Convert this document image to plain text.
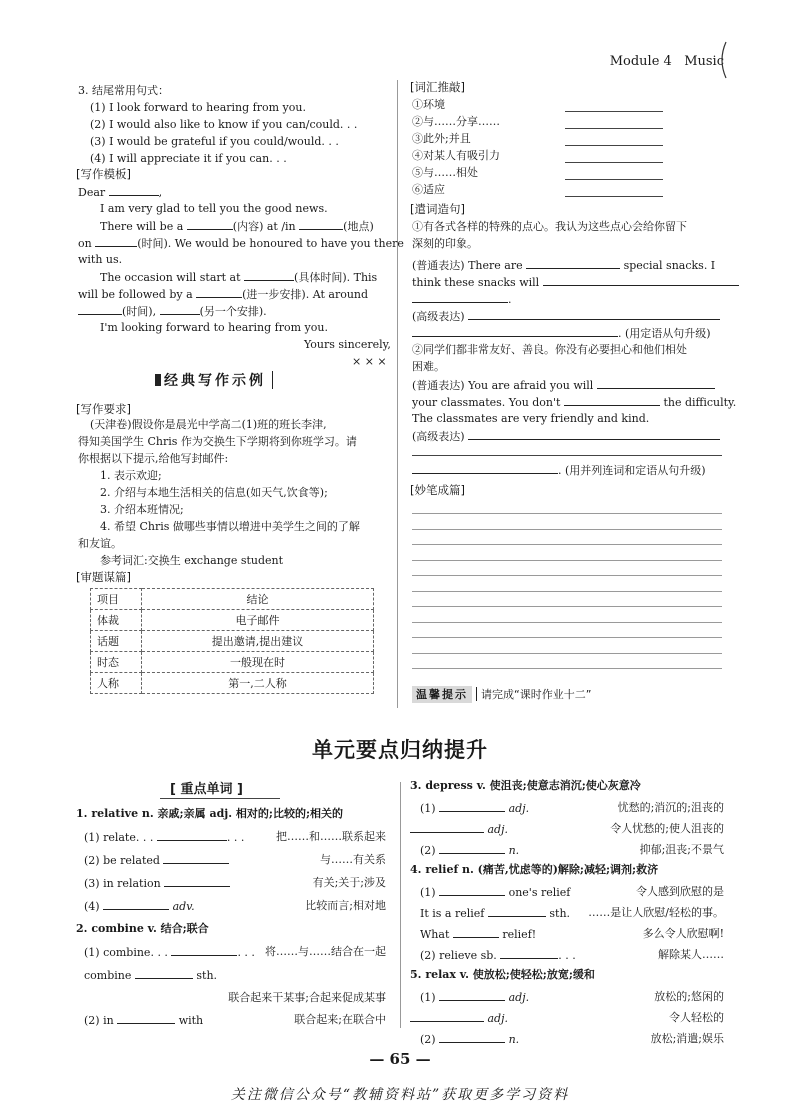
Module 4 Music
3. 结尾常用句式：
(1) I look forward to hearing from you.
(2) I would also like to know if you can/could. . .
(3) I would be grateful if you could/would. . .
(4) I will appreciate it if you can. . .
[写作模板]
Dear	,
I am very glad to tell you the good news.
There will be a	(内容) at /in	(地点)
on	(时间). We would be honoured to have you there
with us.
The occasion will start at	(具体时间). This
will be followed by a	(进一步安排). At around
(时间),	(另一个安排).
I'm looking forward to hearing from you.
Yours sincerely,
× × ×
经典写作示例
[写作要求]
(天津卷)假设你是晨光中学高二(1)班的班长李津,
得知美国学生 Chris 作为交换生下学期将到你班学习。请
你根据以下提示,给他写封邮件:
1. 表示欢迎;
2. 介绍与本地生活相关的信息(如天气,饮食等);
3. 介绍本班情况;
4. 希望 Chris 做哪些事情以增进中美学生之间的了解
和友谊。
参考词汇:交换生 exchange student
[审题谋篇]
项目	结论
体裁	电子邮件
话题	提出邀请,提出建议
时态	一般现在时
人称	第一,二人称
[词汇推敲]
①环境
②与……分享……
③此外;并且
④对某人有吸引力
⑤与……相处
⑥适应
[遣词造句]
①有各式各样的特殊的点心。我认为这些点心会给你留下
深刻的印象。
(普通表达) There are	special snacks. I
think these snacks will
.
(高级表达)
. (用定语从句升级)
②同学们都非常友好、善良。你没有必要担心和他们相处
困难。
(普通表达) You are afraid you will
your classmates. You don't	the difficulty.
The classmates are very friendly and kind.
(高级表达)
. (用并列连词和定语从句升级)
[妙笔成篇]
温馨提示 请完成“课时作业十二”
单元要点归纳提升
[ 重点单词 ]
1. relative n. 亲戚;亲属 adj. 相对的;比较的;相关的
(1) relate. . .	. . .	把……和……联系起来
(2) be related	与……有关系
(3) in relation	有关;关于;涉及
(4)	adv.	比较而言;相对地
2. combine v. 结合;联合
(1) combine. . .	. . . 将……与……结合在一起
combine	sth.
联合起来干某事;合起来促成某事
(2) in	with	联合起来;在联合中
3. depress v. 使沮丧;使意志消沉;使心灰意冷
(1)	adj.	忧愁的;消沉的;沮丧的
adj.	令人忧愁的;使人沮丧的
(2)	n.	抑郁;沮丧;不景气
4. relief n. (痛苦,忧虑等的)解除;减轻;调剂;救济
(1)	one's relief	令人感到欣慰的是
It is a relief	sth.	……是让人欣慰/轻松的事。
What	relief!	多么令人欣慰啊!
(2) relieve sb.	. . .	解除某人……
5. relax v. 使放松;使轻松;放宽;缓和
(1)	adj.	放松的;悠闲的
adj.	令人轻松的
(2)	n.	放松;消遣;娱乐
— 65 —
关注微信公众号“教辅资料站”获取更多学习资料
